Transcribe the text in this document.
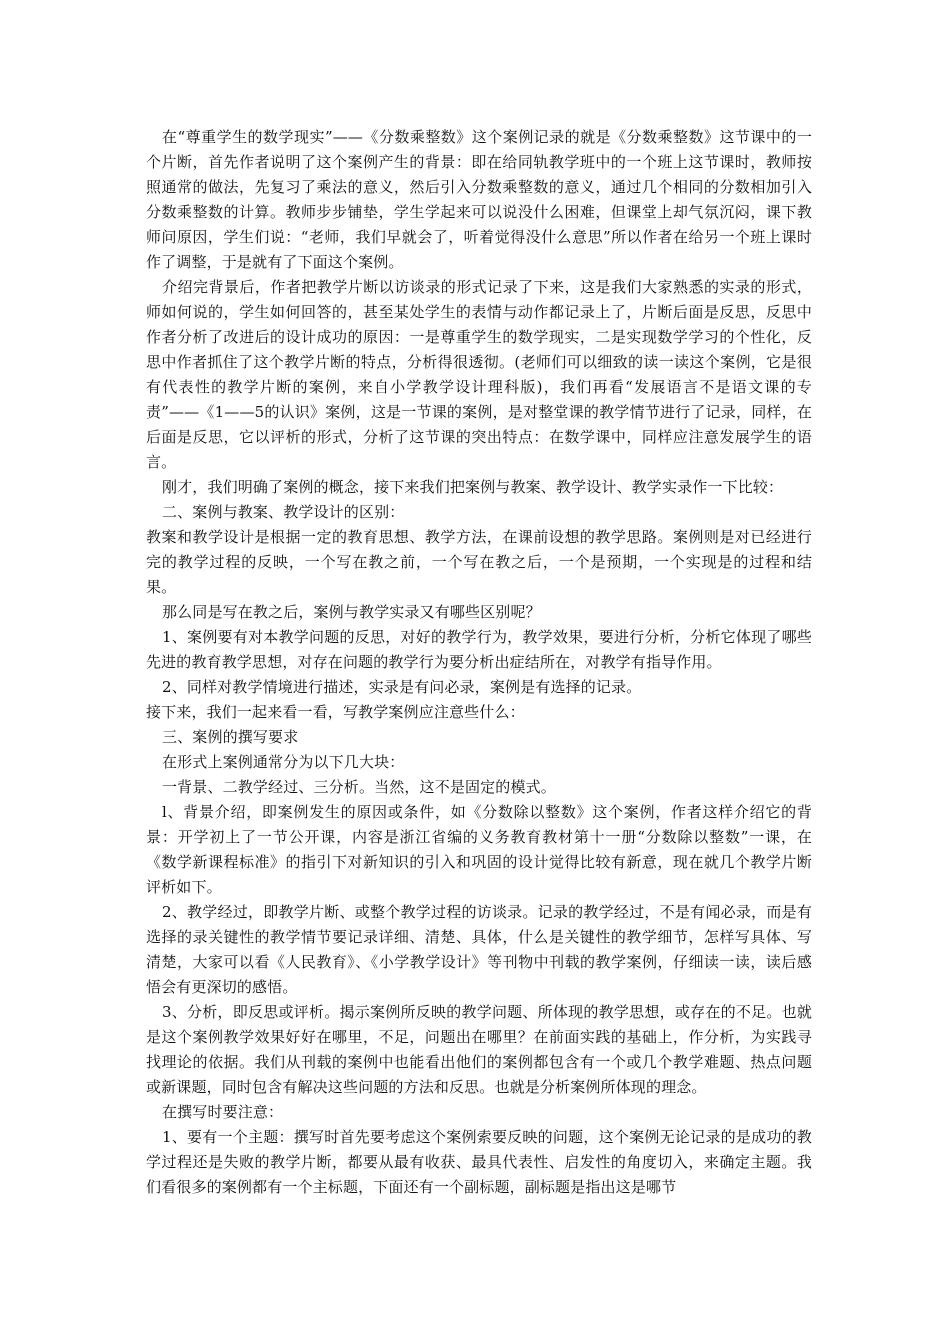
在“尊重学生的数学现实”——《分数乘整数》这个案例记录的就是《分数乘整数》这节课中的一个片断，首先作者说明了这个案例产生的背景：即在给同轨教学班中的一个班上这节课时，教师按照通常的做法，先复习了乘法的意义，然后引入分数乘整数的意义，通过几个相同的分数相加引入分数乘整数的计算。教师步步铺垫，学生学起来可以说没什么困难，但课堂上却气氛沉闷，课下教师问原因，学生们说：“老师，我们早就会了，听着觉得没什么意思”所以作者在给另一个班上课时作了调整，于是就有了下面这个案例。

介绍完背景后，作者把教学片断以访谈录的形式记录了下来，这是我们大家熟悉的实录的形式，师如何说的，学生如何回答的，甚至某处学生的表情与动作都记录上了，片断后面是反思，反思中作者分析了改进后的设计成功的原因：一是尊重学生的数学现实，二是实现数学学习的个性化，反思中作者抓住了这个教学片断的特点，分析得很透彻。(老师们可以细致的读一读这个案例，它是很有代表性的教学片断的案例，来自小学教学设计理科版)，我们再看“发展语言不是语文课的专责”——《1——5的认识》案例，这是一节课的案例，是对整堂课的教学情节进行了记录，同样，在后面是反思，它以评析的形式，分析了这节课的突出特点：在数学课中，同样应注意发展学生的语言。

刚才，我们明确了案例的概念，接下来我们把案例与教案、教学设计、教学实录作一下比较：

二、案例与教案、教学设计的区别：

教案和教学设计是根据一定的教育思想、教学方法，在课前设想的教学思路。案例则是对已经进行完的教学过程的反映，一个写在教之前，一个写在教之后，一个是预期，一个实现是的过程和结果。

那么同是写在教之后，案例与教学实录又有哪些区别呢？

1、案例要有对本教学问题的反思，对好的教学行为，教学效果，要进行分析，分析它体现了哪些先进的教育教学思想，对存在问题的教学行为要分析出症结所在，对教学有指导作用。

2、同样对教学情境进行描述，实录是有问必录，案例是有选择的记录。

接下来，我们一起来看一看，写教学案例应注意些什么：

三、案例的撰写要求

在形式上案例通常分为以下几大块：

一背景、二教学经过、三分析。当然，这不是固定的模式。

l、背景介绍，即案例发生的原因或条件，如《分数除以整数》这个案例，作者这样介绍它的背景：开学初上了一节公开课，内容是浙江省编的义务教育教材第十一册“分数除以整数”一课，在《数学新课程标准》的指引下对新知识的引入和巩固的设计觉得比较有新意，现在就几个教学片断评析如下。

2、教学经过，即教学片断、或整个教学过程的访谈录。记录的教学经过，不是有闻必录，而是有选择的录关键性的教学情节要记录详细、清楚、具体，什么是关键性的教学细节，怎样写具体、写清楚，大家可以看《人民教育》、《小学教学设计》等刊物中刊载的教学案例，仔细读一读，读后感悟会有更深切的感悟。

3、分析，即反思或评析。揭示案例所反映的教学问题、所体现的教学思想，或存在的不足。也就是这个案例教学效果好好在哪里，不足，问题出在哪里？在前面实践的基础上，作分析，为实践寻找理论的依据。我们从刊载的案例中也能看出他们的案例都包含有一个或几个教学难题、热点问题或新课题，同时包含有解决这些问题的方法和反思。也就是分析案例所体现的理念。

在撰写时要注意：

1、要有一个主题：撰写时首先要考虑这个案例索要反映的问题，这个案例无论记录的是成功的教学过程还是失败的教学片断，都要从最有收获、最具代表性、启发性的角度切入，来确定主题。我们看很多的案例都有一个主标题，下面还有一个副标题，副标题是指出这是哪节
